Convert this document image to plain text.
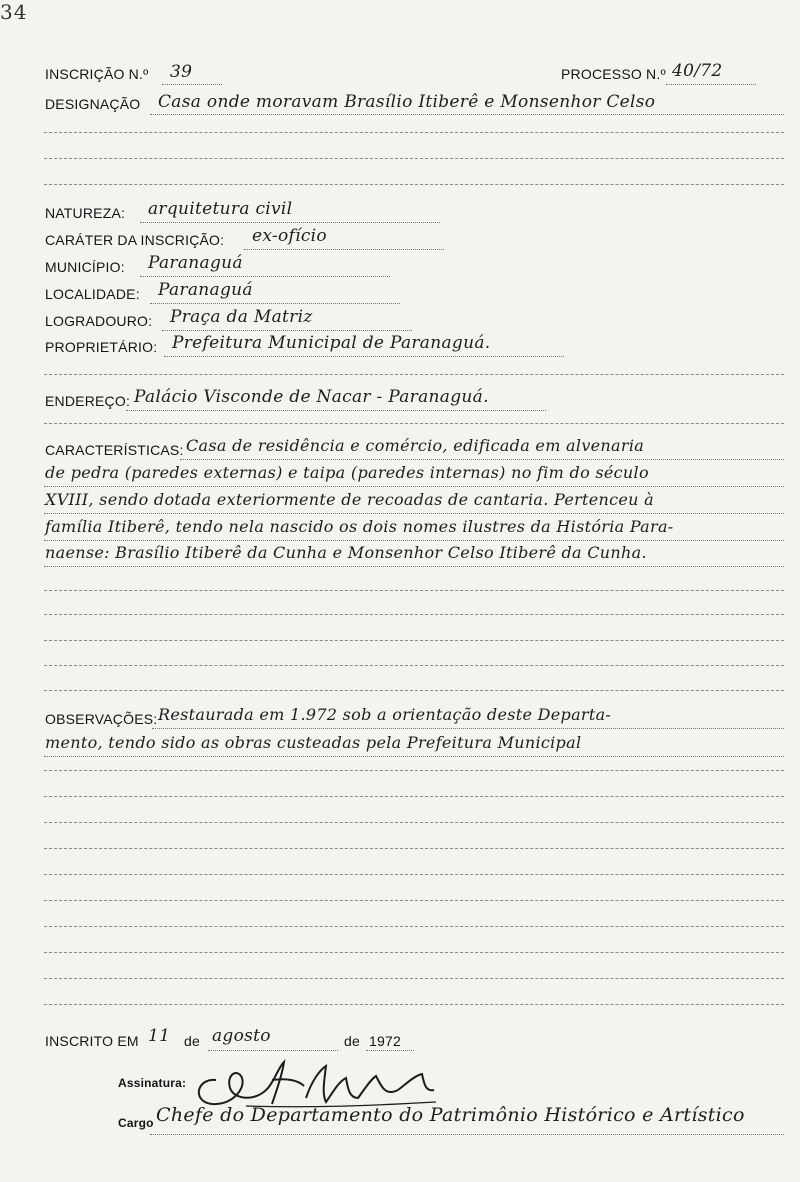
34
INSCRIÇÃO N.º 39	PROCESSO N.º 40/72
DESIGNAÇÃO Casa onde moravam Brasílio Itiberê e Monsenhor Celso
NATUREZA: arquitetura civil
CARÁTER DA INSCRIÇÃO: ex-ofício
MUNICÍPIO: Paranaguá
LOCALIDADE: Paranaguá
LOGRADOURO: Praça da Matriz
PROPRIETÁRIO: Prefeitura Municipal de Paranaguá.
ENDEREÇO: Palácio Visconde de Nacar - Paranaguá.
CARACTERÍSTICAS: Casa de residência e comércio, edificada em alvenaria
de pedra (paredes externas) e taipa (paredes internas) no fim do século
XVIII, sendo dotada exteriormente de recoadas de cantaria. Pertenceu à
família Itiberê, tendo nela nascido os dois nomes ilustres da História Para-
naense: Brasílio Itiberê da Cunha e Monsenhor Celso Itiberê da Cunha.
OBSERVAÇÕES: Restaurada em 1.972 sob a orientação deste Departa-
mento, tendo sido as obras custeadas pela Prefeitura Municipal
INSCRITO EM 11 de agosto	de 1972
Assinatura:
Cargo Chefe do Departamento do Patrimônio Histórico e Artístico
